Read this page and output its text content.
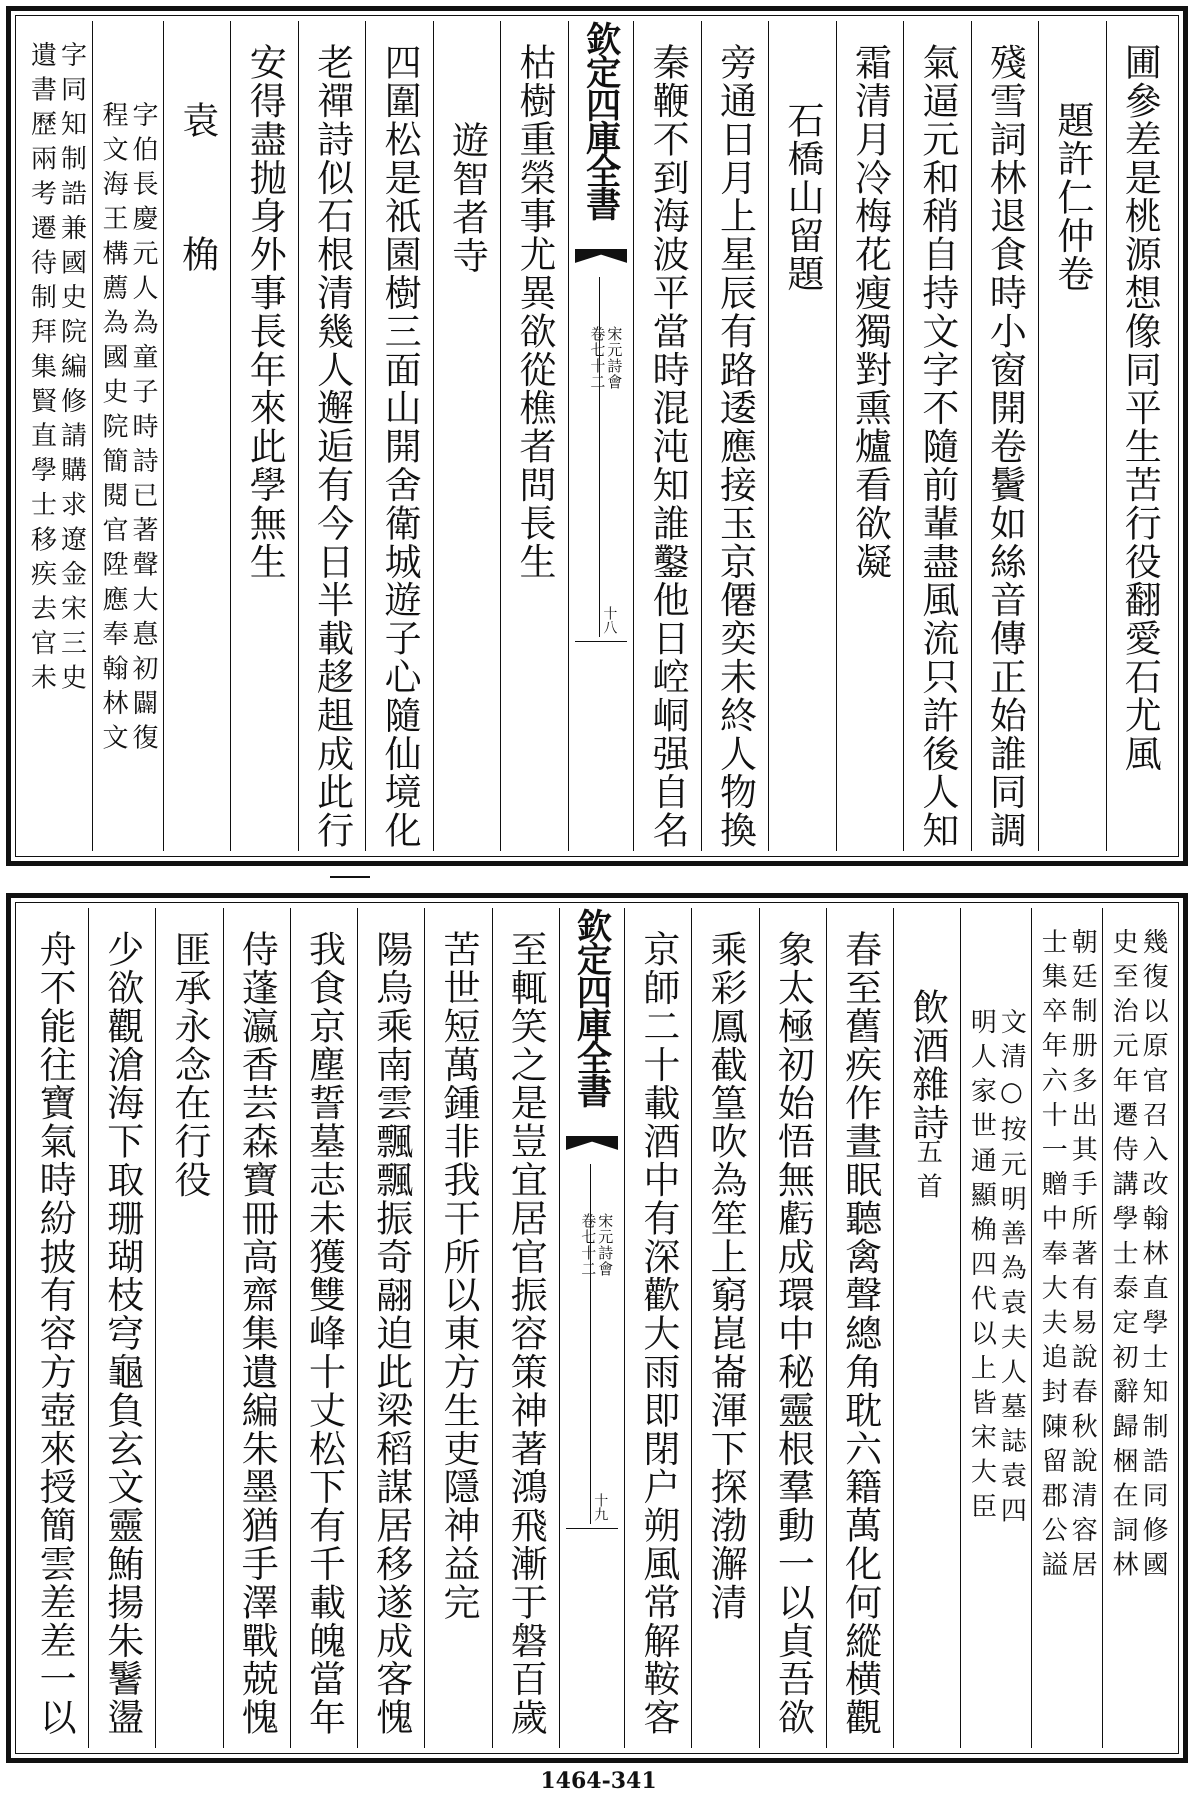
圃參差是桃源想像同平生苦行役翻愛石尤風
題許仁仲卷
殘雪詞林退食時小窗開卷鬢如絲音傳正始誰同調
氣逼元和稍自持文字不隨前輩盡風流只許後人知
霜清月冷梅花瘦獨對熏爐看欲凝
石橋山留題
旁通日月上星辰有路逶應接玉京僊奕未終人物換
秦鞭不到海波平當時混沌知誰鑿他日崆峒强自名
欽定四庫全書
宋元詩會
卷七十二
十八
枯樹重榮事尤異欲從樵者問長生
遊智者寺
四圍松是祇園樹三面山開舍衛城遊子心隨仙境化
老禪詩似石根清幾人邂逅有今日半載趍趄成此行
安得盡抛身外事長年來此學無生
袁　桷
字伯長慶元人為童子時詩已著聲大惪初闢復
程文海王構薦為國史院簡閱官陞應奉翰林文
字同知制誥兼國史院編修請購求遼金宋三史
遺書歷兩考遷待制拜集賢直學士移疾去官未
幾復以原官召入改翰林直學士知制誥同修國
史至治元年遷侍講學士泰定初辭歸梱在詞林
朝廷制册多出其手所著有易說春秋說清容居
士集卒年六十一贈中奉大夫追封陳留郡公謚
文清○按元明善為袁夫人墓誌袁四
明人家世通顯桷四代以上皆宋大臣
飲酒雜詩
五首
春至舊疾作晝眠聽禽聲總角耽六籍萬化何縱横觀
象太極初始悟無虧成環中秘靈根羣動一以貞吾欲
乘彩鳳截篁吹為笙上窮崑崙渾下探渤澥清
京師二十載酒中有深歡大雨即閉户朔風常解鞍客
欽定四庫全書
宋元詩會
卷七十二
十九
至輒笑之是豈宜居官振容策神著鴻飛漸于磐百歲
苦世短萬鍾非我干所以東方生吏隱神益完
陽烏乘南雲飄飄振奇翮迫此梁稻謀居移遂成客愧
我食京塵誓墓志未獲雙峰十丈松下有千載魄當年
侍蓬瀛香芸森寶冊高齋集遺編朱墨猶手澤戰兢愧
匪承永念在行役
少欲觀滄海下取珊瑚枝穹龜負玄文靈鮪揚朱鬐盪
舟不能往寶氣時紛披有容方壺來授簡雲差差一以
1464-341
